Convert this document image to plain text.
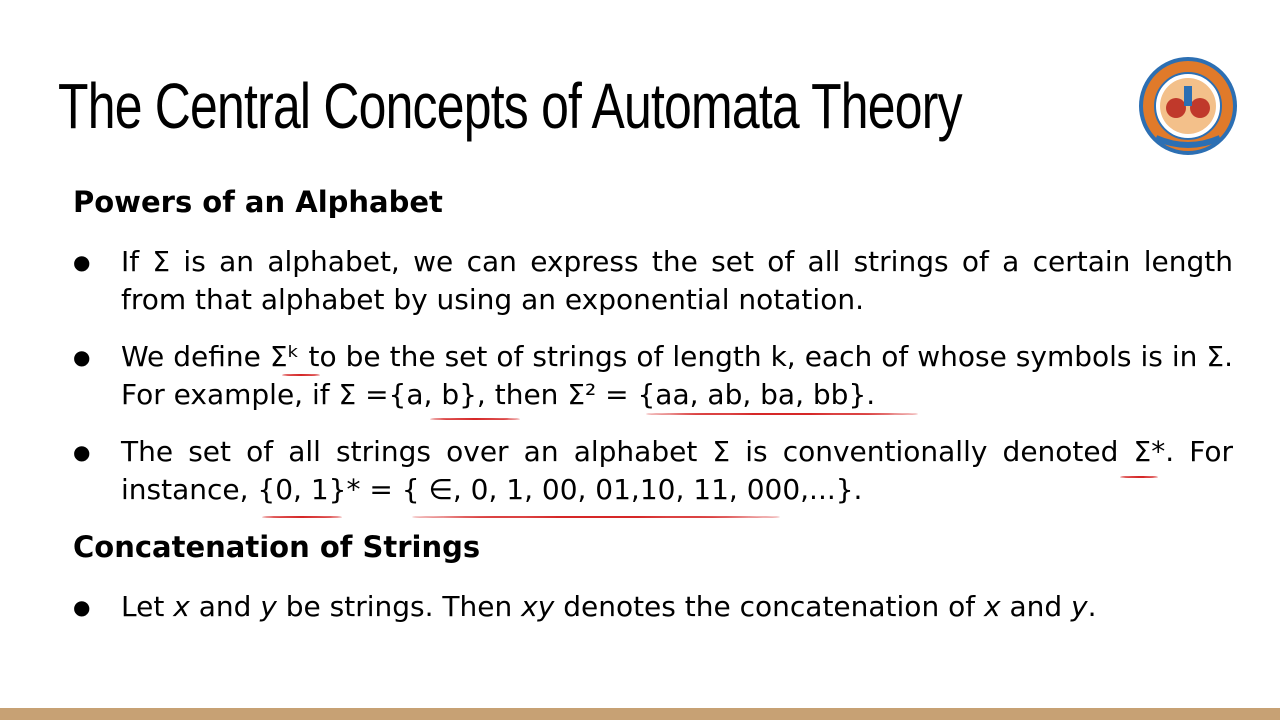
The Central Concepts of Automata Theory
Powers of an Alphabet
● If Σ is an alphabet, we can express the set of all strings of a certain length from that alphabet by using an exponential notation.
● We define Σᵏ to be the set of strings of length k, each of whose symbols is in Σ. For example, if Σ ={a, b}, then Σ² = {aa, ab, ba, bb}.
● The set of all strings over an alphabet Σ is conventionally denoted Σ*. For instance, {0, 1}* = { ∈, 0, 1, 00, 01,10, 11, 000,...}.
Concatenation of Strings
● Let x and y be strings. Then xy denotes the concatenation of x and y.
